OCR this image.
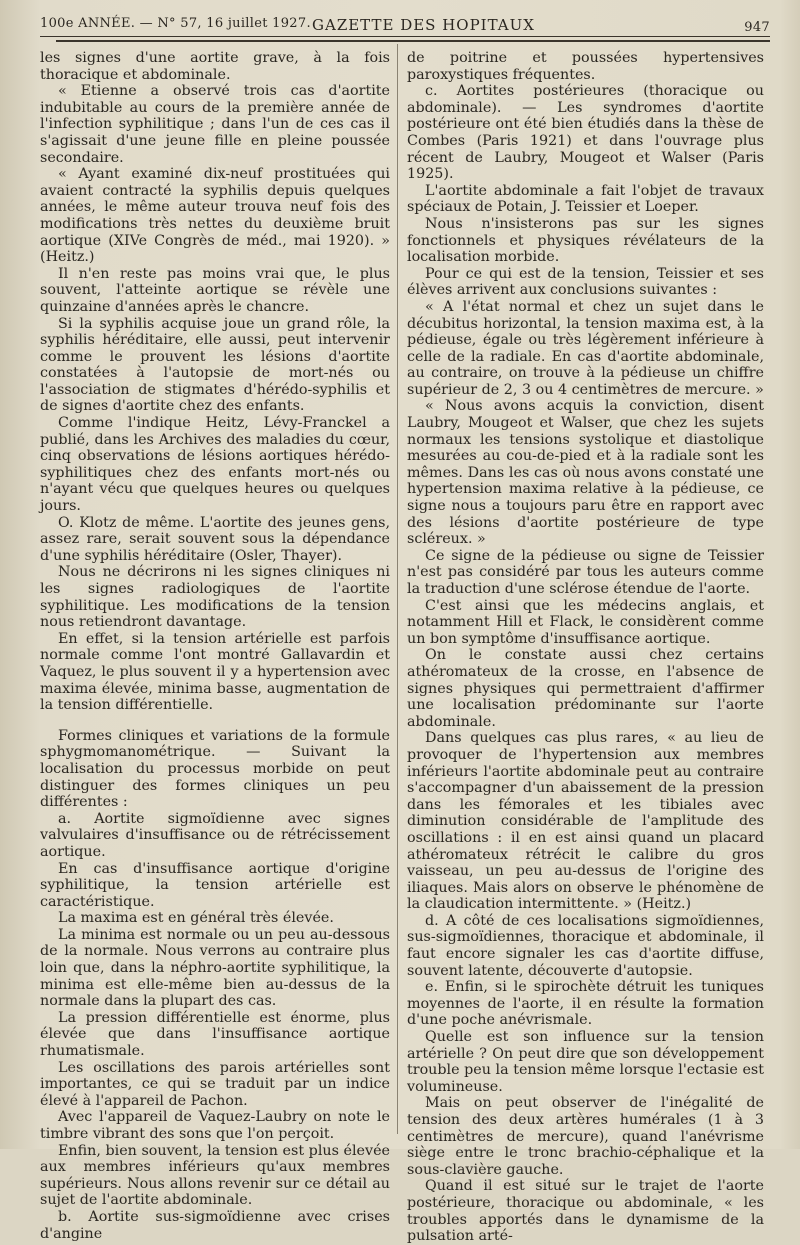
100e ANNÉE. — N° 57, 16 juillet 1927. GAZETTE DES HOPITAUX	947

les signes d'une aortite grave, à la fois thoracique et abdominale.

« Etienne a observé trois cas d'aortite indubitable au cours de la première année de l'infection syphilitique ; dans l'un de ces cas il s'agissait d'une jeune fille en pleine poussée secondaire.

« Ayant examiné dix-neuf prostituées qui avaient contracté la syphilis depuis quelques années, le même auteur trouva neuf fois des modifications très nettes du deuxième bruit aortique (XIVe Congrès de méd., mai 1920). » (Heitz.)

Il n'en reste pas moins vrai que, le plus souvent, l'atteinte aortique se révèle une quinzaine d'années après le chancre.

Si la syphilis acquise joue un grand rôle, la syphilis héréditaire, elle aussi, peut intervenir comme le prouvent les lésions d'aortite constatées à l'autopsie de mort-nés ou l'association de stigmates d'hérédo-syphilis et de signes d'aortite chez des enfants.

Comme l'indique Heitz, Lévy-Franckel a publié, dans les Archives des maladies du cœur, cinq observations de lésions aortiques hérédo-syphilitiques chez des enfants mort-nés ou n'ayant vécu que quelques heures ou quelques jours.

O. Klotz de même. L'aortite des jeunes gens, assez rare, serait souvent sous la dépendance d'une syphilis héréditaire (Osler, Thayer).

Nous ne décrirons ni les signes cliniques ni les signes radiologiques de l'aortite syphilitique. Les modifications de la tension nous retiendront davantage.

En effet, si la tension artérielle est parfois normale comme l'ont montré Gallavardin et Vaquez, le plus souvent il y a hypertension avec maxima élevée, minima basse, augmentation de la tension différentielle.

Formes cliniques et variations de la formule sphygmomanométrique. — Suivant la localisation du processus morbide on peut distinguer des formes cliniques un peu différentes :

a. Aortite sigmoïdienne avec signes valvulaires d'insuffisance ou de rétrécissement aortique.

En cas d'insuffisance aortique d'origine syphilitique, la tension artérielle est caractéristique.

La maxima est en général très élevée.

La minima est normale ou un peu au-dessous de la normale. Nous verrons au contraire plus loin que, dans la néphro-aortite syphilitique, la minima est elle-même bien au-dessus de la normale dans la plupart des cas.

La pression différentielle est énorme, plus élevée que dans l'insuffisance aortique rhumatismale.

Les oscillations des parois artérielles sont importantes, ce qui se traduit par un indice élevé à l'appareil de Pachon.

Avec l'appareil de Vaquez-Laubry on note le timbre vibrant des sons que l'on perçoit.

Enfin, bien souvent, la tension est plus élevée aux membres inférieurs qu'aux membres supérieurs. Nous allons revenir sur ce détail au sujet de l'aortite abdominale.

b. Aortite sus-sigmoïdienne avec crises d'angine

de poitrine et poussées hypertensives paroxystiques fréquentes.

c. Aortites postérieures (thoracique ou abdominale). — Les syndromes d'aortite postérieure ont été bien étudiés dans la thèse de Combes (Paris 1921) et dans l'ouvrage plus récent de Laubry, Mougeot et Walser (Paris 1925).

L'aortite abdominale a fait l'objet de travaux spéciaux de Potain, J. Teissier et Loeper.

Nous n'insisterons pas sur les signes fonctionnels et physiques révélateurs de la localisation morbide.

Pour ce qui est de la tension, Teissier et ses élèves arrivent aux conclusions suivantes :

« A l'état normal et chez un sujet dans le décubitus horizontal, la tension maxima est, à la pédieuse, égale ou très légèrement inférieure à celle de la radiale. En cas d'aortite abdominale, au contraire, on trouve à la pédieuse un chiffre supérieur de 2, 3 ou 4 centimètres de mercure. »

« Nous avons acquis la conviction, disent Laubry, Mougeot et Walser, que chez les sujets normaux les tensions systolique et diastolique mesurées au cou-de-pied et à la radiale sont les mêmes. Dans les cas où nous avons constaté une hypertension maxima relative à la pédieuse, ce signe nous a toujours paru être en rapport avec des lésions d'aortite postérieure de type scléreux. »

Ce signe de la pédieuse ou signe de Teissier n'est pas considéré par tous les auteurs comme la traduction d'une sclérose étendue de l'aorte.

C'est ainsi que les médecins anglais, et notamment Hill et Flack, le considèrent comme un bon symptôme d'insuffisance aortique.

On le constate aussi chez certains athéromateux de la crosse, en l'absence de signes physiques qui permettraient d'affirmer une localisation prédominante sur l'aorte abdominale.

Dans quelques cas plus rares, « au lieu de provoquer de l'hypertension aux membres inférieurs l'aortite abdominale peut au contraire s'accompagner d'un abaissement de la pression dans les fémorales et les tibiales avec diminution considérable de l'amplitude des oscillations : il en est ainsi quand un placard athéromateux rétrécit le calibre du gros vaisseau, un peu au-dessus de l'origine des iliaques. Mais alors on observe le phénomène de la claudication intermittente. » (Heitz.)

d. A côté de ces localisations sigmoïdiennes, sus-sigmoïdiennes, thoracique et abdominale, il faut encore signaler les cas d'aortite diffuse, souvent latente, découverte d'autopsie.

e. Enfin, si le spirochète détruit les tuniques moyennes de l'aorte, il en résulte la formation d'une poche anévrismale.

Quelle est son influence sur la tension artérielle ? On peut dire que son développement trouble peu la tension même lorsque l'ectasie est volumineuse.

Mais on peut observer de l'inégalité de tension des deux artères humérales (1 à 3 centimètres de mercure), quand l'anévrisme siège entre le tronc brachio-céphalique et la sous-clavière gauche.

Quand il est situé sur le trajet de l'aorte postérieure, thoracique ou abdominale, « les troubles apportés dans le dynamisme de la pulsation arté-
